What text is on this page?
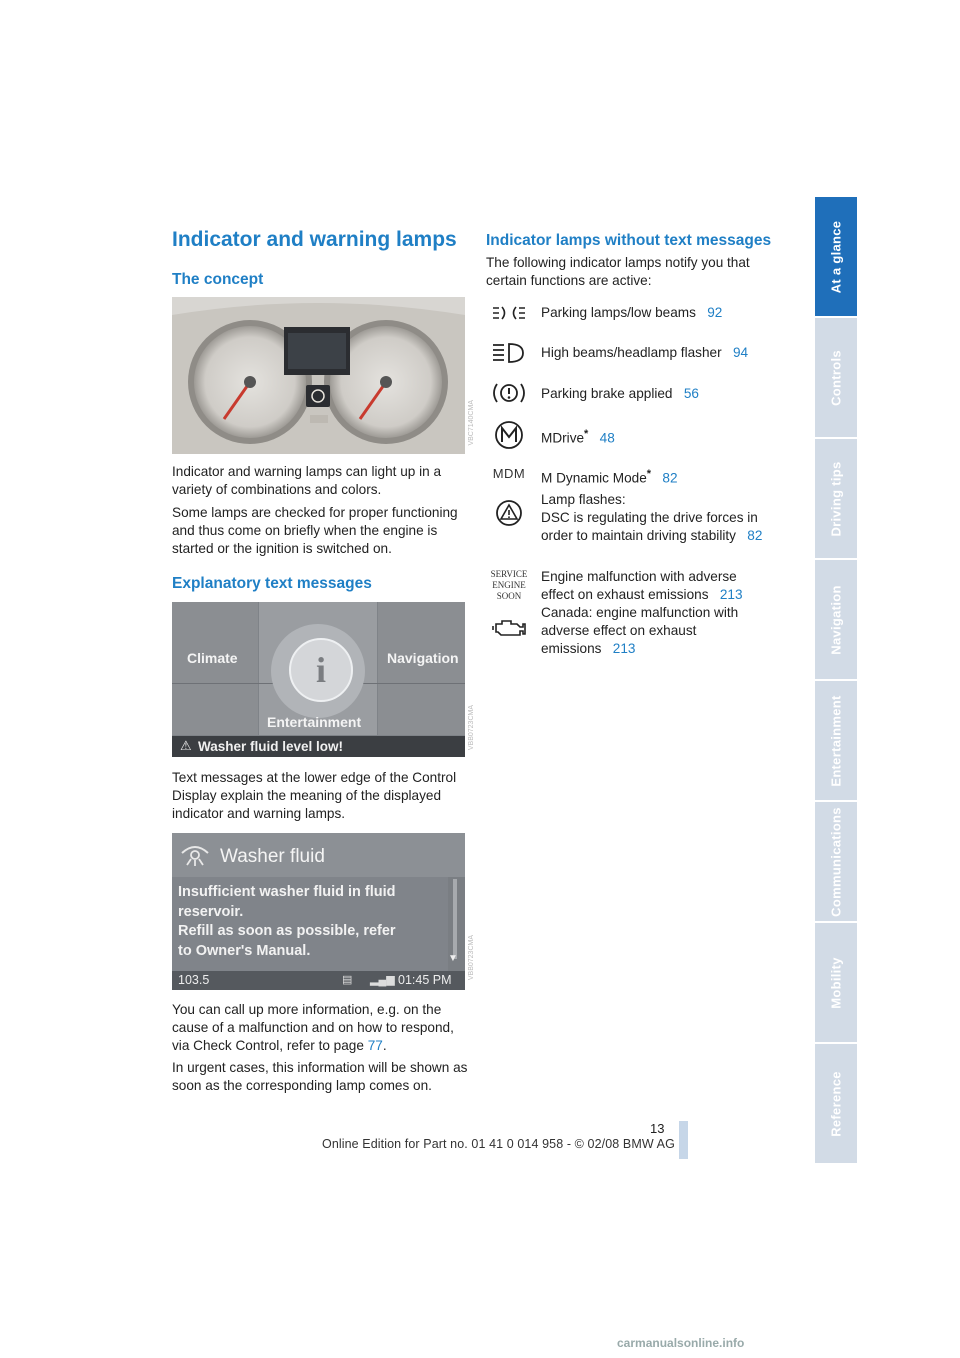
Indicator and warning lamps
The concept
VBC7140CMA
Indicator and warning lamps can light up in a variety of combinations and colors.
Some lamps are checked for proper functioning and thus come on briefly when the engine is started or the ignition is switched on.
Explanatory text messages
i
Climate	Navigation
Entertainment
⚠ Washer fluid level low!	VBB0723CMA
Text messages at the lower edge of the Control Display explain the meaning of the displayed indicator and warning lamps.
Washer fluid
Insufficient washer fluid in fluid
reservoir.
Refill as soon as possible, refer
to Owner's Manual.	▼
103.5	▤ ▂▄▆ 01:45 PM VBB0723CMA
You can call up more information, e.g. on the cause of a malfunction and on how to respond, via Check Control, refer to page 77.
In urgent cases, this information will be shown as soon as the corresponding lamp comes on.
Indicator lamps without text messages
The following indicator lamps notify you that certain functions are active:
Parking lamps/low beams 92
High beams/headlamp flasher 94
Parking brake applied 56
MDrive* 48
MDM	M Dynamic Mode* 82
Lamp flashes:
DSC is regulating the drive forces in
order to maintain driving stability 82
SERVICE
ENGINE
SOON
Engine malfunction with adverse
effect on exhaust emissions 213
Canada: engine malfunction with
adverse effect on exhaust
emissions 213
At a glance
Controls
Driving tips
Navigation
Entertainment
Communications
Mobility
Reference
13
Online Edition for Part no. 01 41 0 014 958 - © 02/08 BMW AG
carmanualsonline.info
